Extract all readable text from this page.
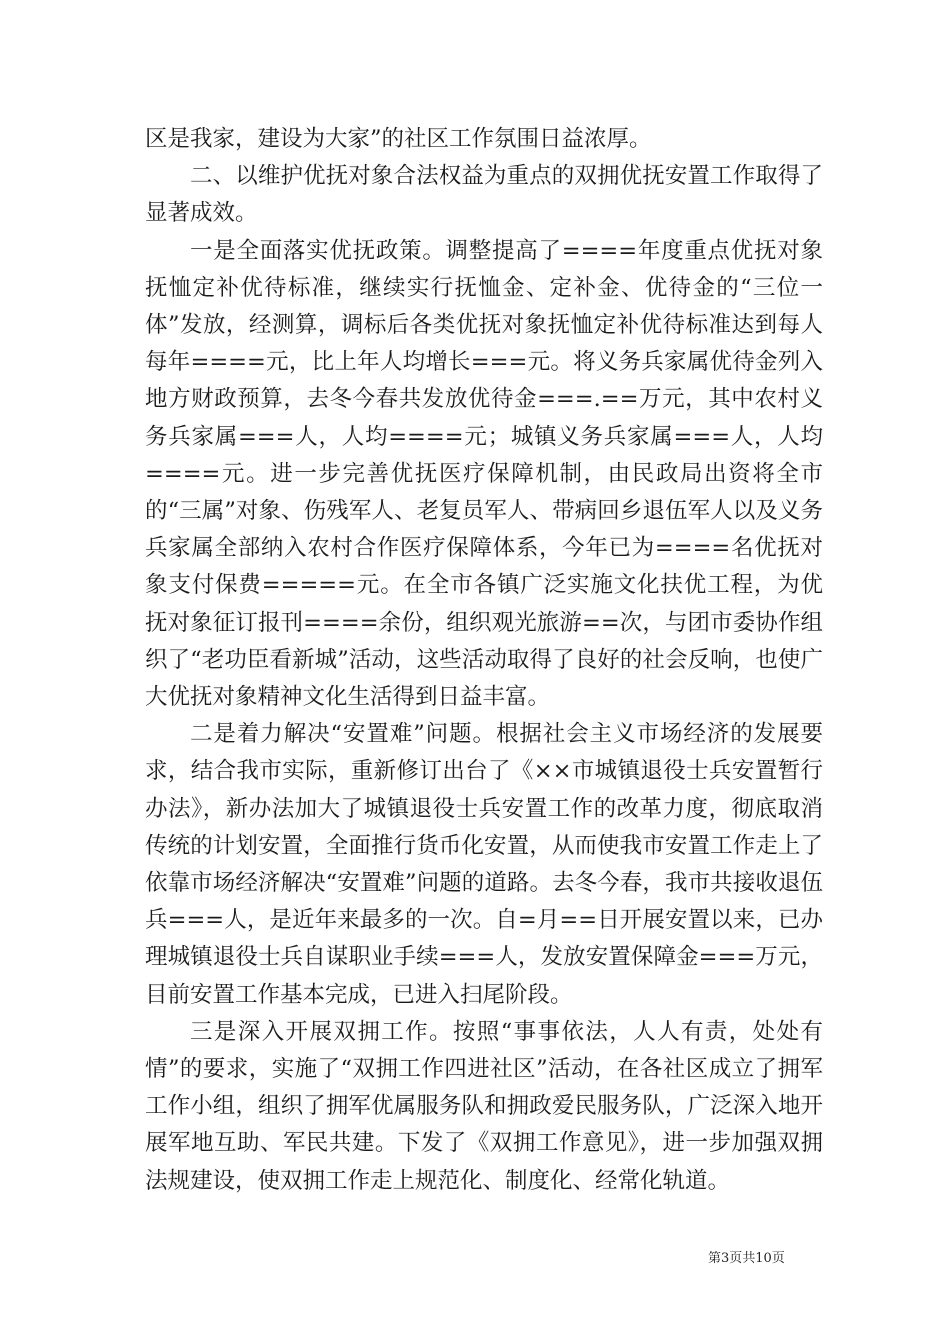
区是我家，建设为大家”的社区工作氛围日益浓厚。

二、以维护优抚对象合法权益为重点的双拥优抚安置工作取得了显著成效。

一是全面落实优抚政策。调整提高了====年度重点优抚对象抚恤定补优待标准，继续实行抚恤金、定补金、优待金的“三位一体”发放，经测算，调标后各类优抚对象抚恤定补优待标准达到每人每年====元，比上年人均增长===元。将义务兵家属优待金列入地方财政预算，去冬今春共发放优待金===.==万元，其中农村义务兵家属===人，人均====元；城镇义务兵家属===人，人均====元。进一步完善优抚医疗保障机制，由民政局出资将全市的“三属”对象、伤残军人、老复员军人、带病回乡退伍军人以及义务兵家属全部纳入农村合作医疗保障体系，今年已为====名优抚对象支付保费=====元。在全市各镇广泛实施文化扶优工程，为优抚对象征订报刊====余份，组织观光旅游==次，与团市委协作组织了“老功臣看新城”活动，这些活动取得了良好的社会反响，也使广大优抚对象精神文化生活得到日益丰富。

二是着力解决“安置难”问题。根据社会主义市场经济的发展要求，结合我市实际，重新修订出台了《××市城镇退役士兵安置暂行办法》，新办法加大了城镇退役士兵安置工作的改革力度，彻底取消传统的计划安置，全面推行货币化安置，从而使我市安置工作走上了依靠市场经济解决“安置难”问题的道路。去冬今春，我市共接收退伍兵===人，是近年来最多的一次。自=月==日开展安置以来，已办理城镇退役士兵自谋职业手续===人，发放安置保障金===万元，目前安置工作基本完成，已进入扫尾阶段。

三是深入开展双拥工作。按照“事事依法，人人有责，处处有情”的要求，实施了“双拥工作四进社区”活动，在各社区成立了拥军工作小组，组织了拥军优属服务队和拥政爱民服务队，广泛深入地开展军地互助、军民共建。下发了《双拥工作意见》，进一步加强双拥法规建设，使双拥工作走上规范化、制度化、经常化轨道。

第3页共10页
